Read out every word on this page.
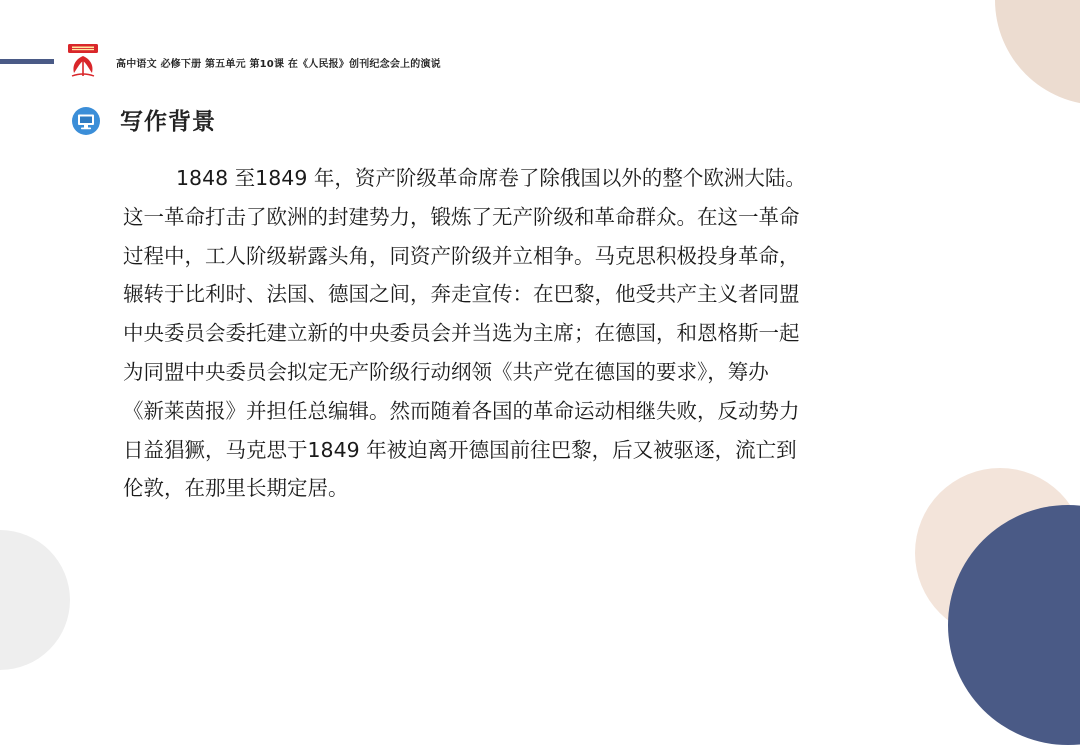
高中语文 必修下册 第五单元 第10课 在《人民报》创刊纪念会上的演说
写作背景
1848 至1849 年，资产阶级革命席卷了除俄国以外的整个欧洲大陆。
这一革命打击了欧洲的封建势力，锻炼了无产阶级和革命群众。在这一革命
过程中，工人阶级崭露头角，同资产阶级并立相争。马克思积极投身革命，
辗转于比利时、法国、德国之间，奔走宣传：在巴黎，他受共产主义者同盟
中央委员会委托建立新的中央委员会并当选为主席；在德国，和恩格斯一起
为同盟中央委员会拟定无产阶级行动纲领《共产党在德国的要求》，筹办
《新莱茵报》并担任总编辑。然而随着各国的革命运动相继失败，反动势力
日益猖獗，马克思于1849 年被迫离开德国前往巴黎，后又被驱逐，流亡到
伦敦，在那里长期定居。
